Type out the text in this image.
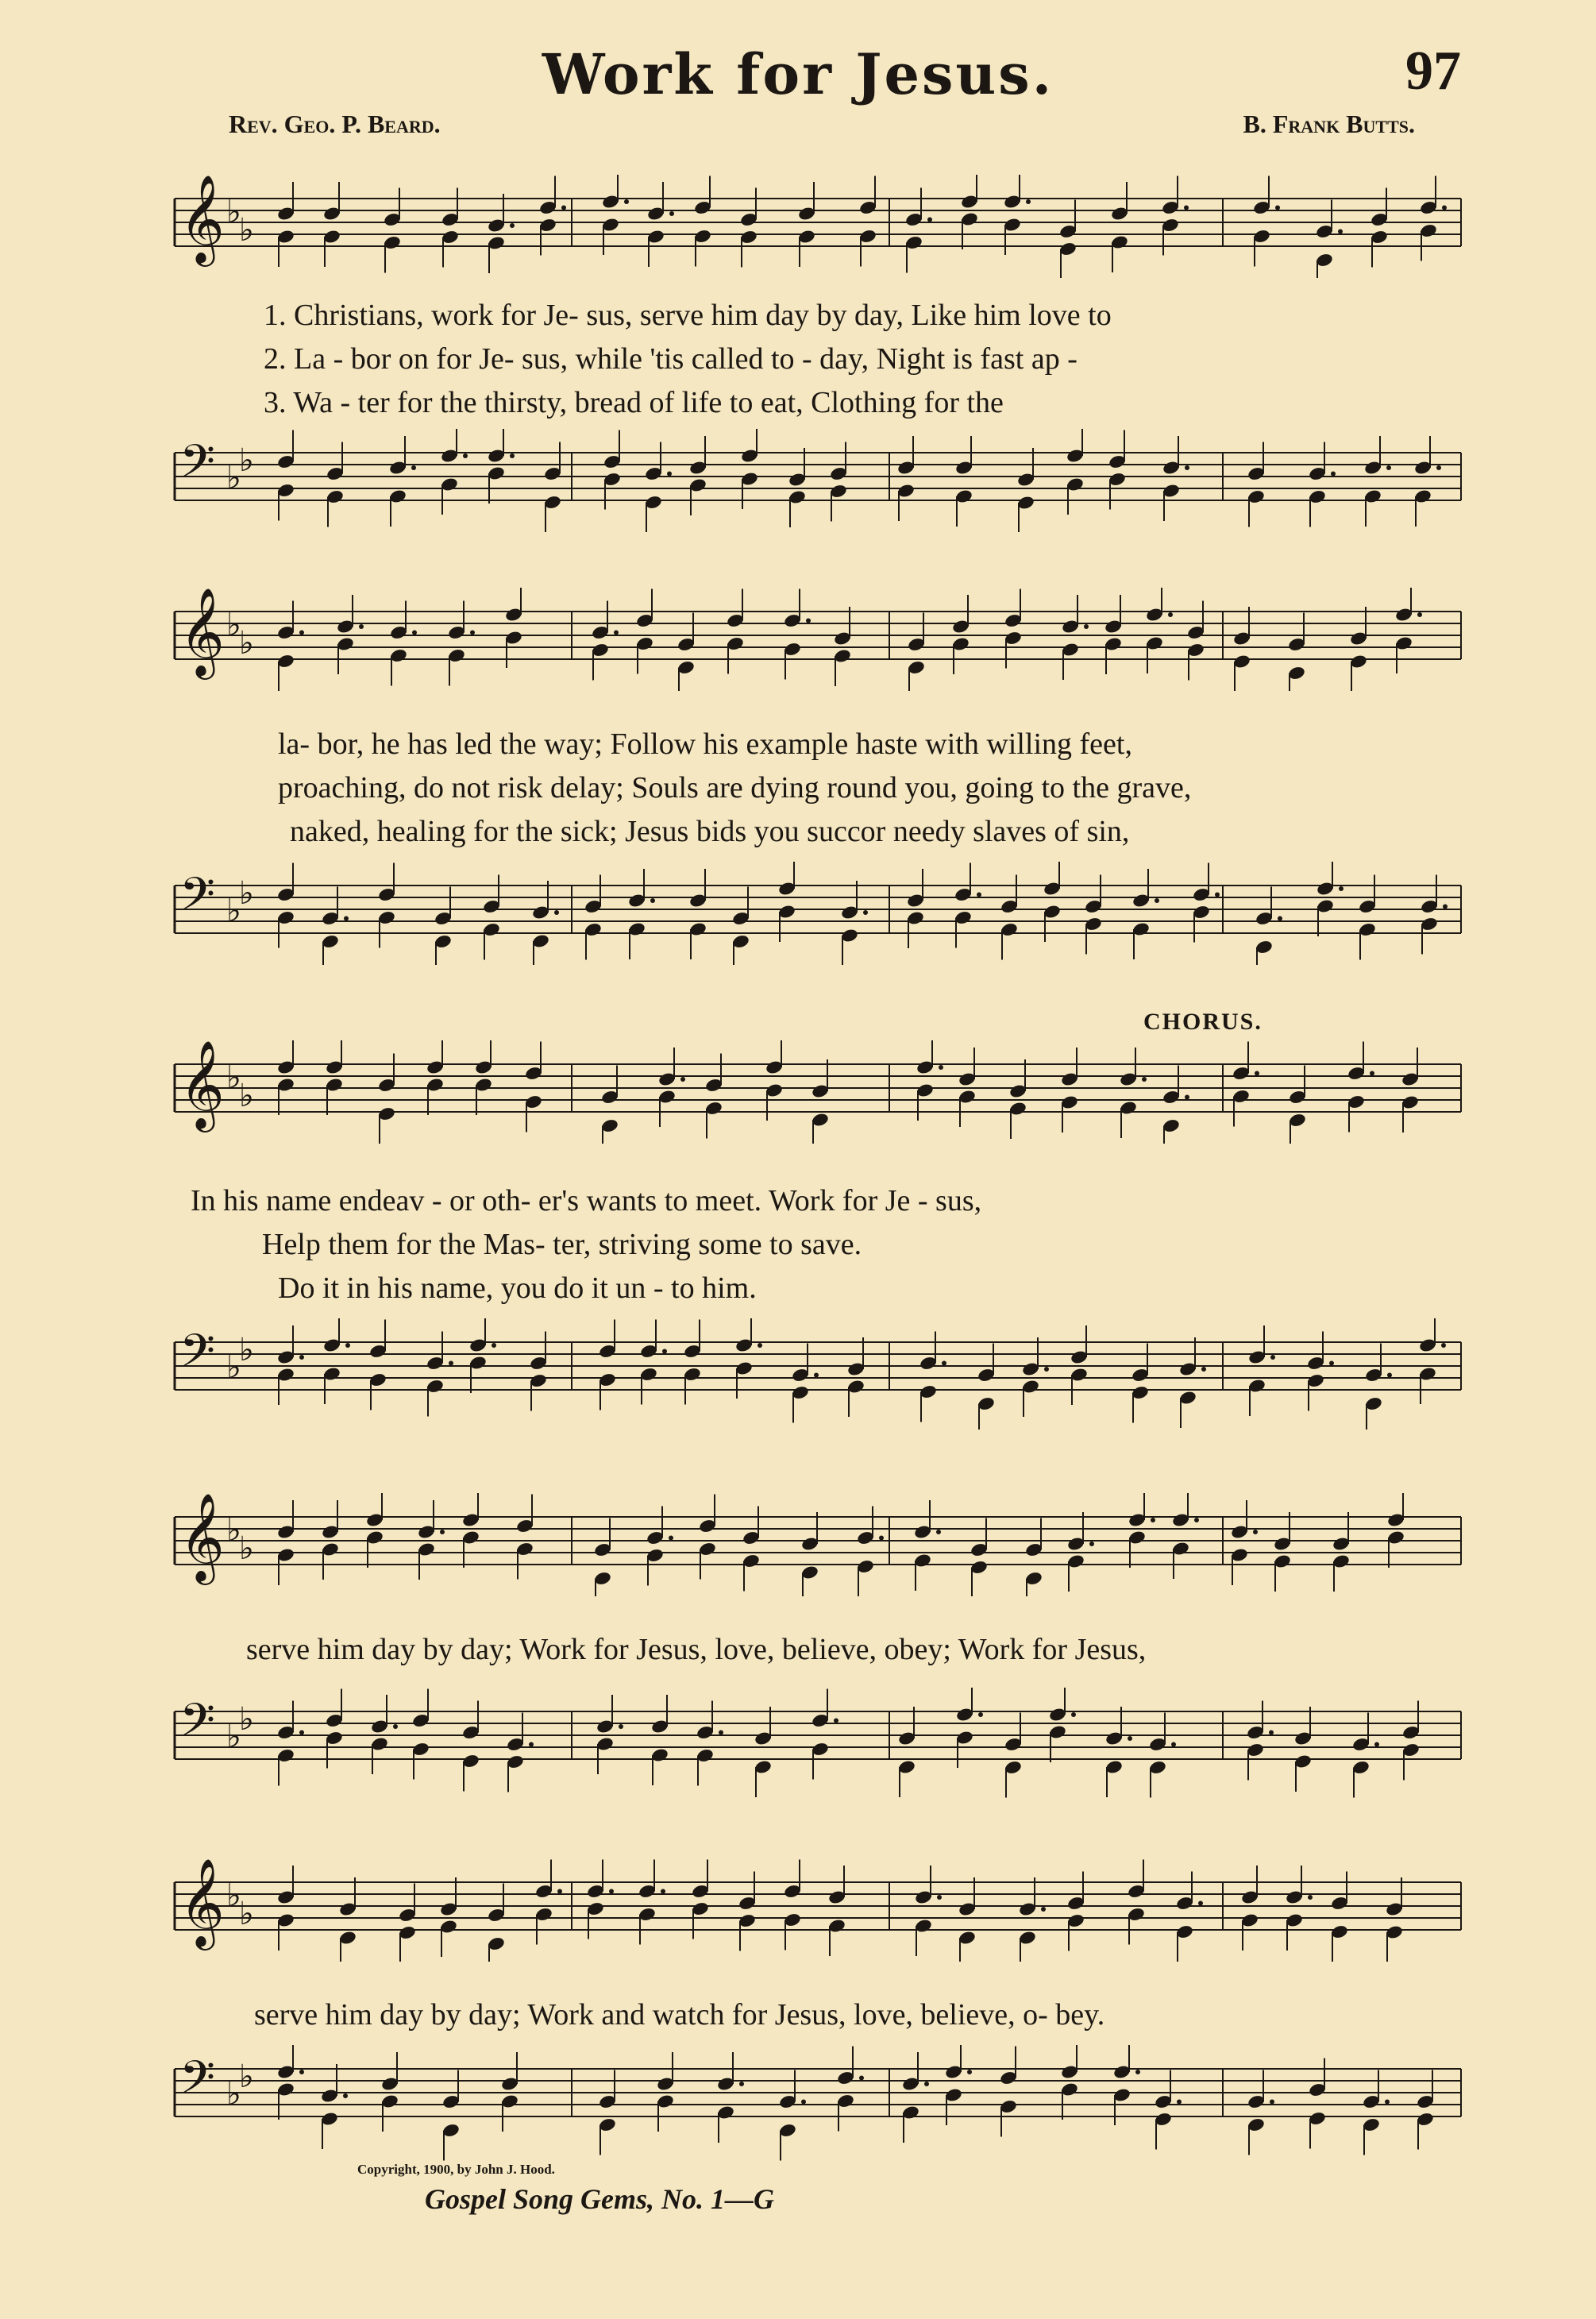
Work for Jesus.	97
Rev. Geo. P. Beard.	B. Frank Butts.
𝄞 ♭
♭
1. Christians, work for Je- sus, serve him day by day, Like him love to
2. La - bor on for Je- sus, while 'tis called to - day, Night is fast ap -
3. Wa - ter for the thirsty, bread of life to eat, Clothing for the
𝄢 ♭
♭
𝄞 ♭
♭
la- bor, he has led the way; Follow his example haste with willing feet,
proaching, do not risk delay; Souls are dying round you, going to the grave,
naked, healing for the sick; Jesus bids you succor needy slaves of sin,
𝄢 ♭
♭
CHORUS.
𝄞 ♭
♭
In his name endeav - or oth- er's wants to meet. Work for Je - sus,
Help them for the Mas- ter, striving some to save.
Do it in his name, you do it un - to him.
𝄢 ♭
♭
𝄞 ♭
♭
serve him day by day; Work for Jesus, love, believe, obey; Work for Jesus,
𝄢 ♭
♭
𝄞 ♭
♭
serve him day by day; Work and watch for Jesus, love, believe, o- bey.
𝄢 ♭
♭
Copyright, 1900, by John J. Hood.
Gospel Song Gems, No. 1—G
